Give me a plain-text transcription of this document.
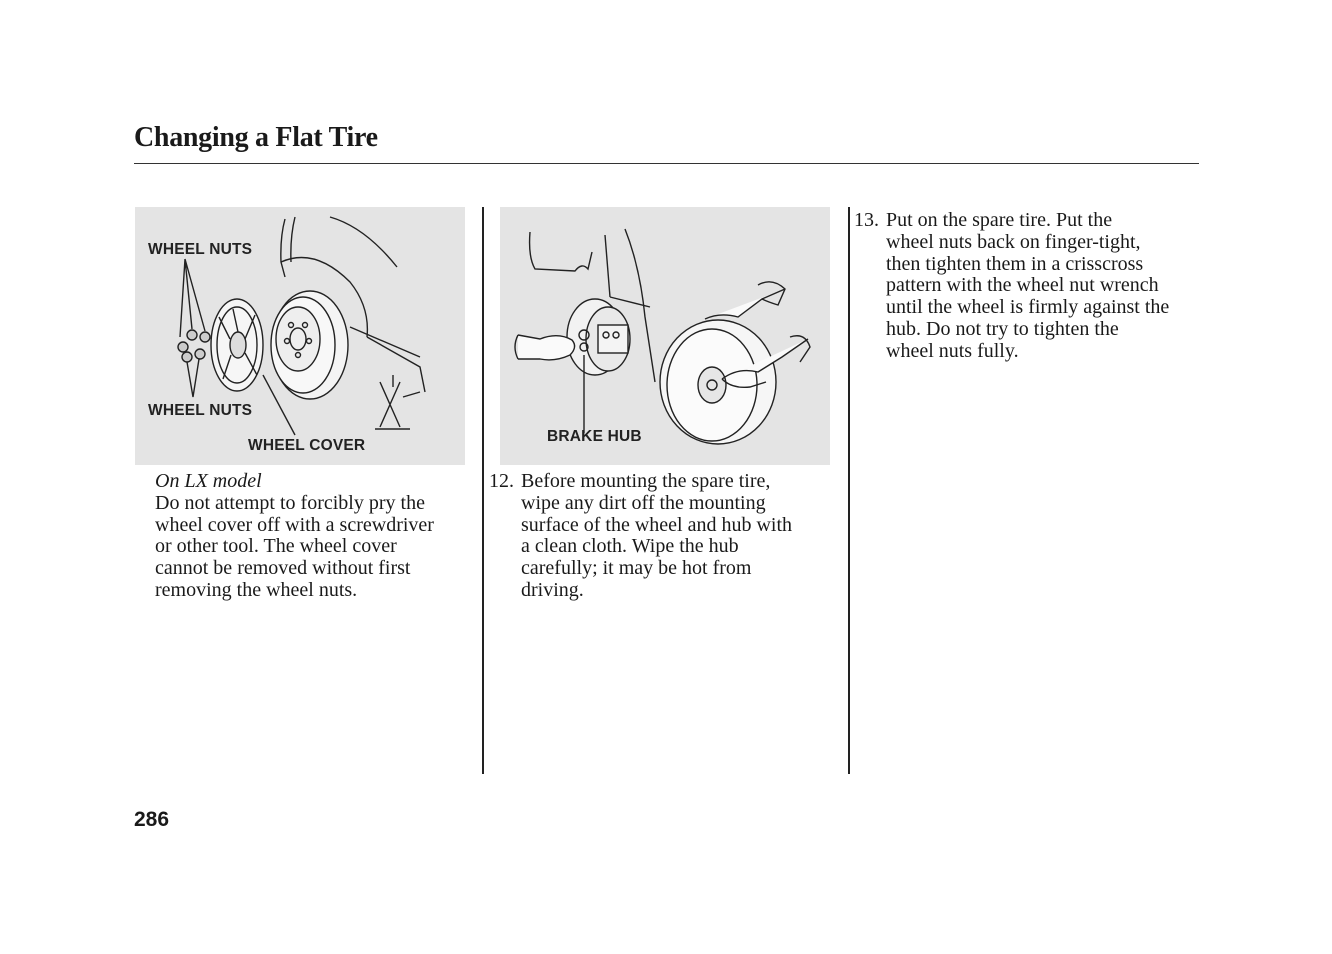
Changing a Flat Tire
WHEEL NUTS
WHEEL NUTS
WHEEL COVER
On LX model
Do not attempt to forcibly pry the
wheel cover off with a screwdriver
or other tool. The wheel cover
cannot be removed without first
removing the wheel nuts.
BRAKE HUB
12. Before mounting the spare tire,
wipe any dirt off the mounting
surface of the wheel and hub with
a clean cloth. Wipe the hub
carefully; it may be hot from
driving.
13. Put on the spare tire. Put the
wheel nuts back on finger-tight,
then tighten them in a crisscross
pattern with the wheel nut wrench
until the wheel is firmly against the
hub. Do not try to tighten the
wheel nuts fully.
286
